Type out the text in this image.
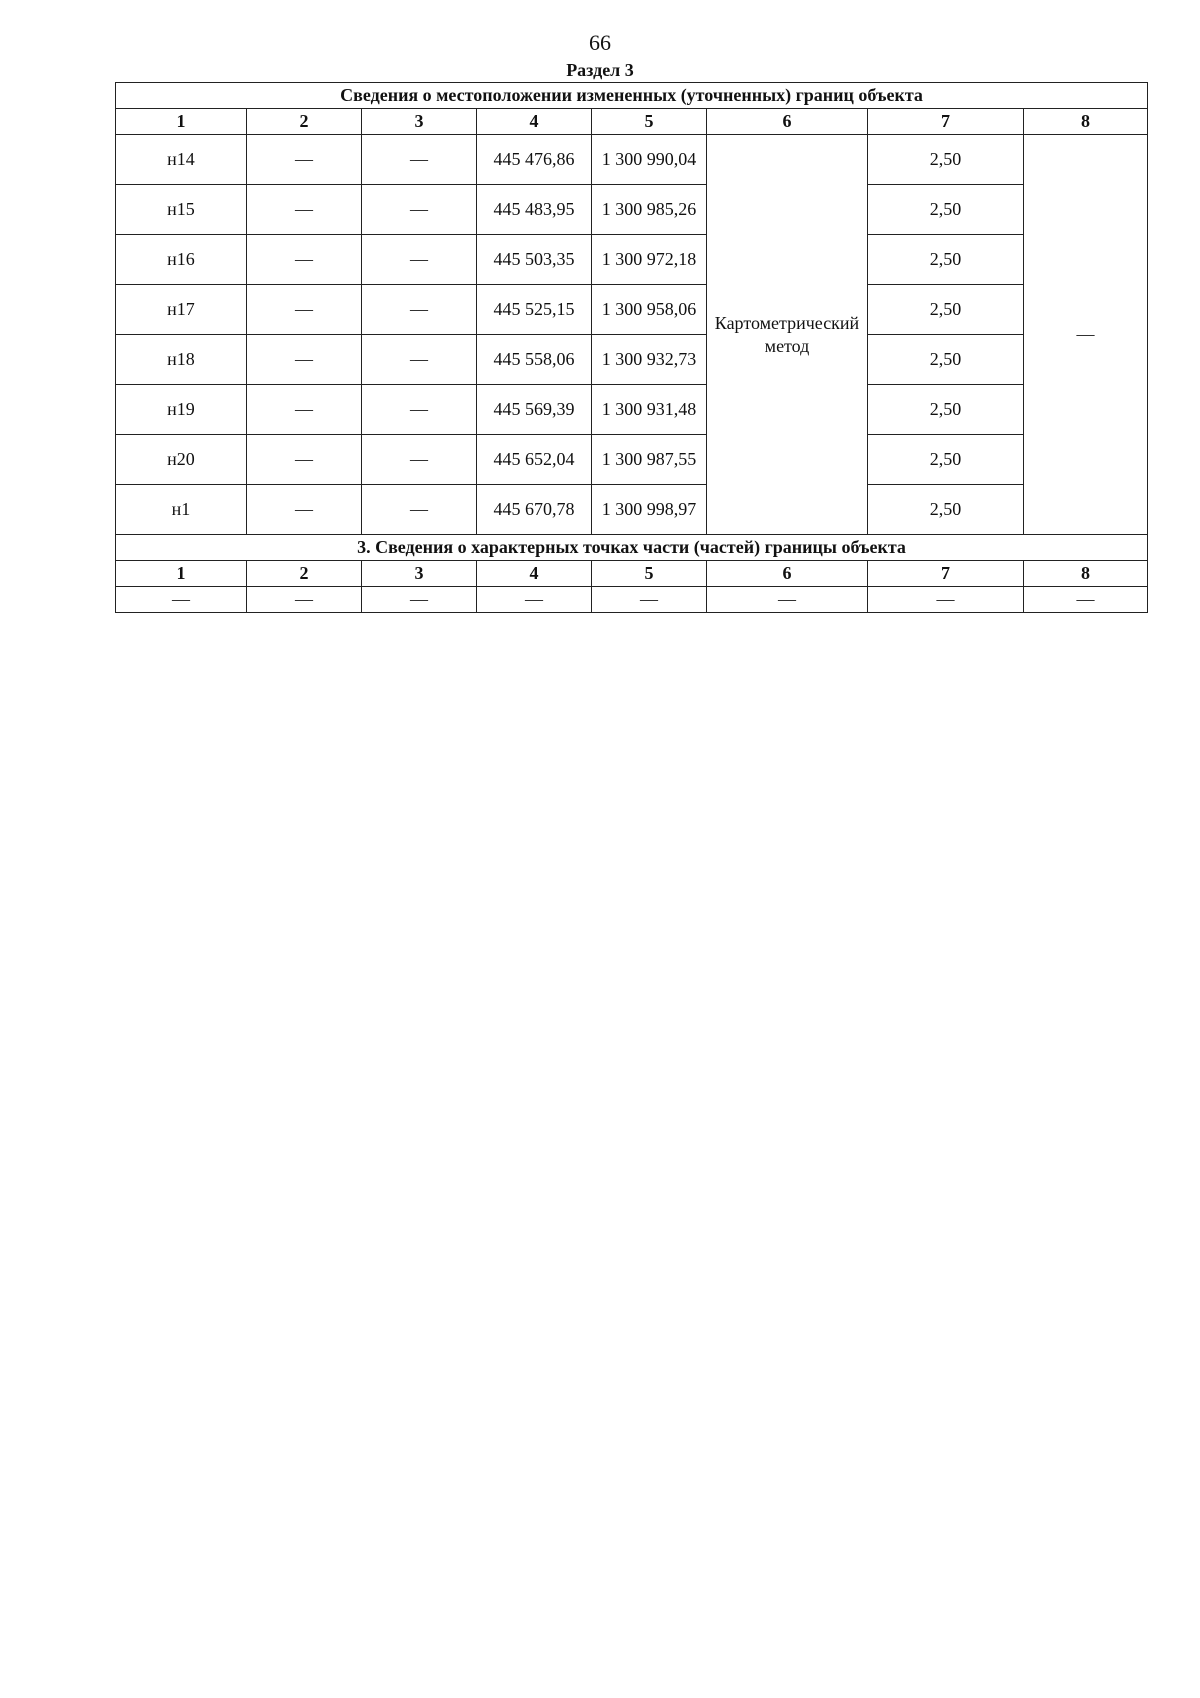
66
Раздел 3
Сведения о местоположении измененных (уточненных) границ объекта							
1	2	3	4	5	6	7	8
н14	—	—	445 476,86	1 300 990,04	Картометрический метод	2,50	—
н15	—	—	445 483,95	1 300 985,26		2,50	
н16	—	—	445 503,35	1 300 972,18		2,50	
н17	—	—	445 525,15	1 300 958,06		2,50	
н18	—	—	445 558,06	1 300 932,73		2,50	
н19	—	—	445 569,39	1 300 931,48		2,50	
н20	—	—	445 652,04	1 300 987,55		2,50	
н1	—	—	445 670,78	1 300 998,97		2,50	
3. Сведения о характерных точках части (частей) границы объекта							
1	2	3	4	5	6	7	8
—	—	—	—	—	—	—	—
